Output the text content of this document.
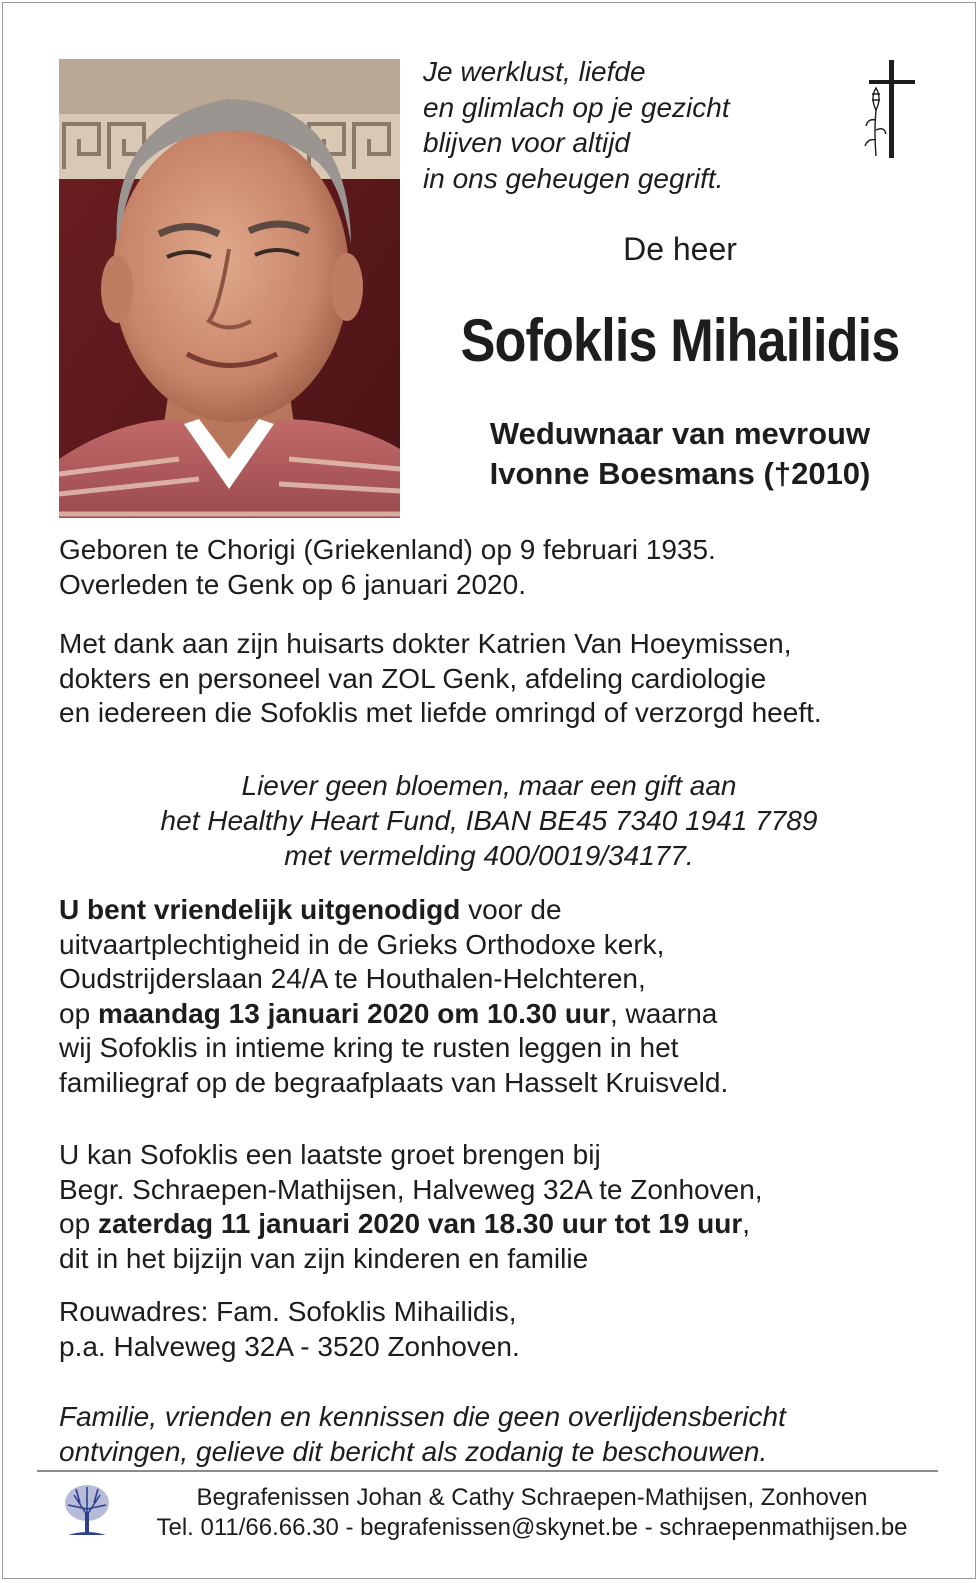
Je werklust, liefde
en glimlach op je gezicht
blijven voor altijd
in ons geheugen gegrift.
De heer
Sofoklis Mihailidis
Weduwnaar van mevrouw
Ivonne Boesmans (†2010)
Geboren te Chorigi (Griekenland) op 9 februari 1935.
Overleden te Genk op 6 januari 2020.
Met dank aan zijn huisarts dokter Katrien Van Hoeymissen,
dokters en personeel van ZOL Genk, afdeling cardiologie
en iedereen die Sofoklis met liefde omringd of verzorgd heeft.
Liever geen bloemen, maar een gift aan
het Healthy Heart Fund, IBAN BE45 7340 1941 7789
met vermelding 400/0019/34177.
U bent vriendelijk uitgenodigd voor de
uitvaartplechtigheid in de Grieks Orthodoxe kerk,
Oudstrijderslaan 24/A te Houthalen-Helchteren,
op maandag 13 januari 2020 om 10.30 uur, waarna
wij Sofoklis in intieme kring te rusten leggen in het
familiegraf op de begraafplaats van Hasselt Kruisveld.
U kan Sofoklis een laatste groet brengen bij
Begr. Schraepen-Mathijsen, Halveweg 32A te Zonhoven,
op zaterdag 11 januari 2020 van 18.30 uur tot 19 uur,
dit in het bijzijn van zijn kinderen en familie
Rouwadres: Fam. Sofoklis Mihailidis,
p.a. Halveweg 32A - 3520 Zonhoven.
Familie, vrienden en kennissen die geen overlijdensbericht
ontvingen, gelieve dit bericht als zodanig te beschouwen.
Begrafenissen Johan & Cathy Schraepen-Mathijsen, Zonhoven
Tel. 011/66.66.30 - begrafenissen@skynet.be - schraepenmathijsen.be
